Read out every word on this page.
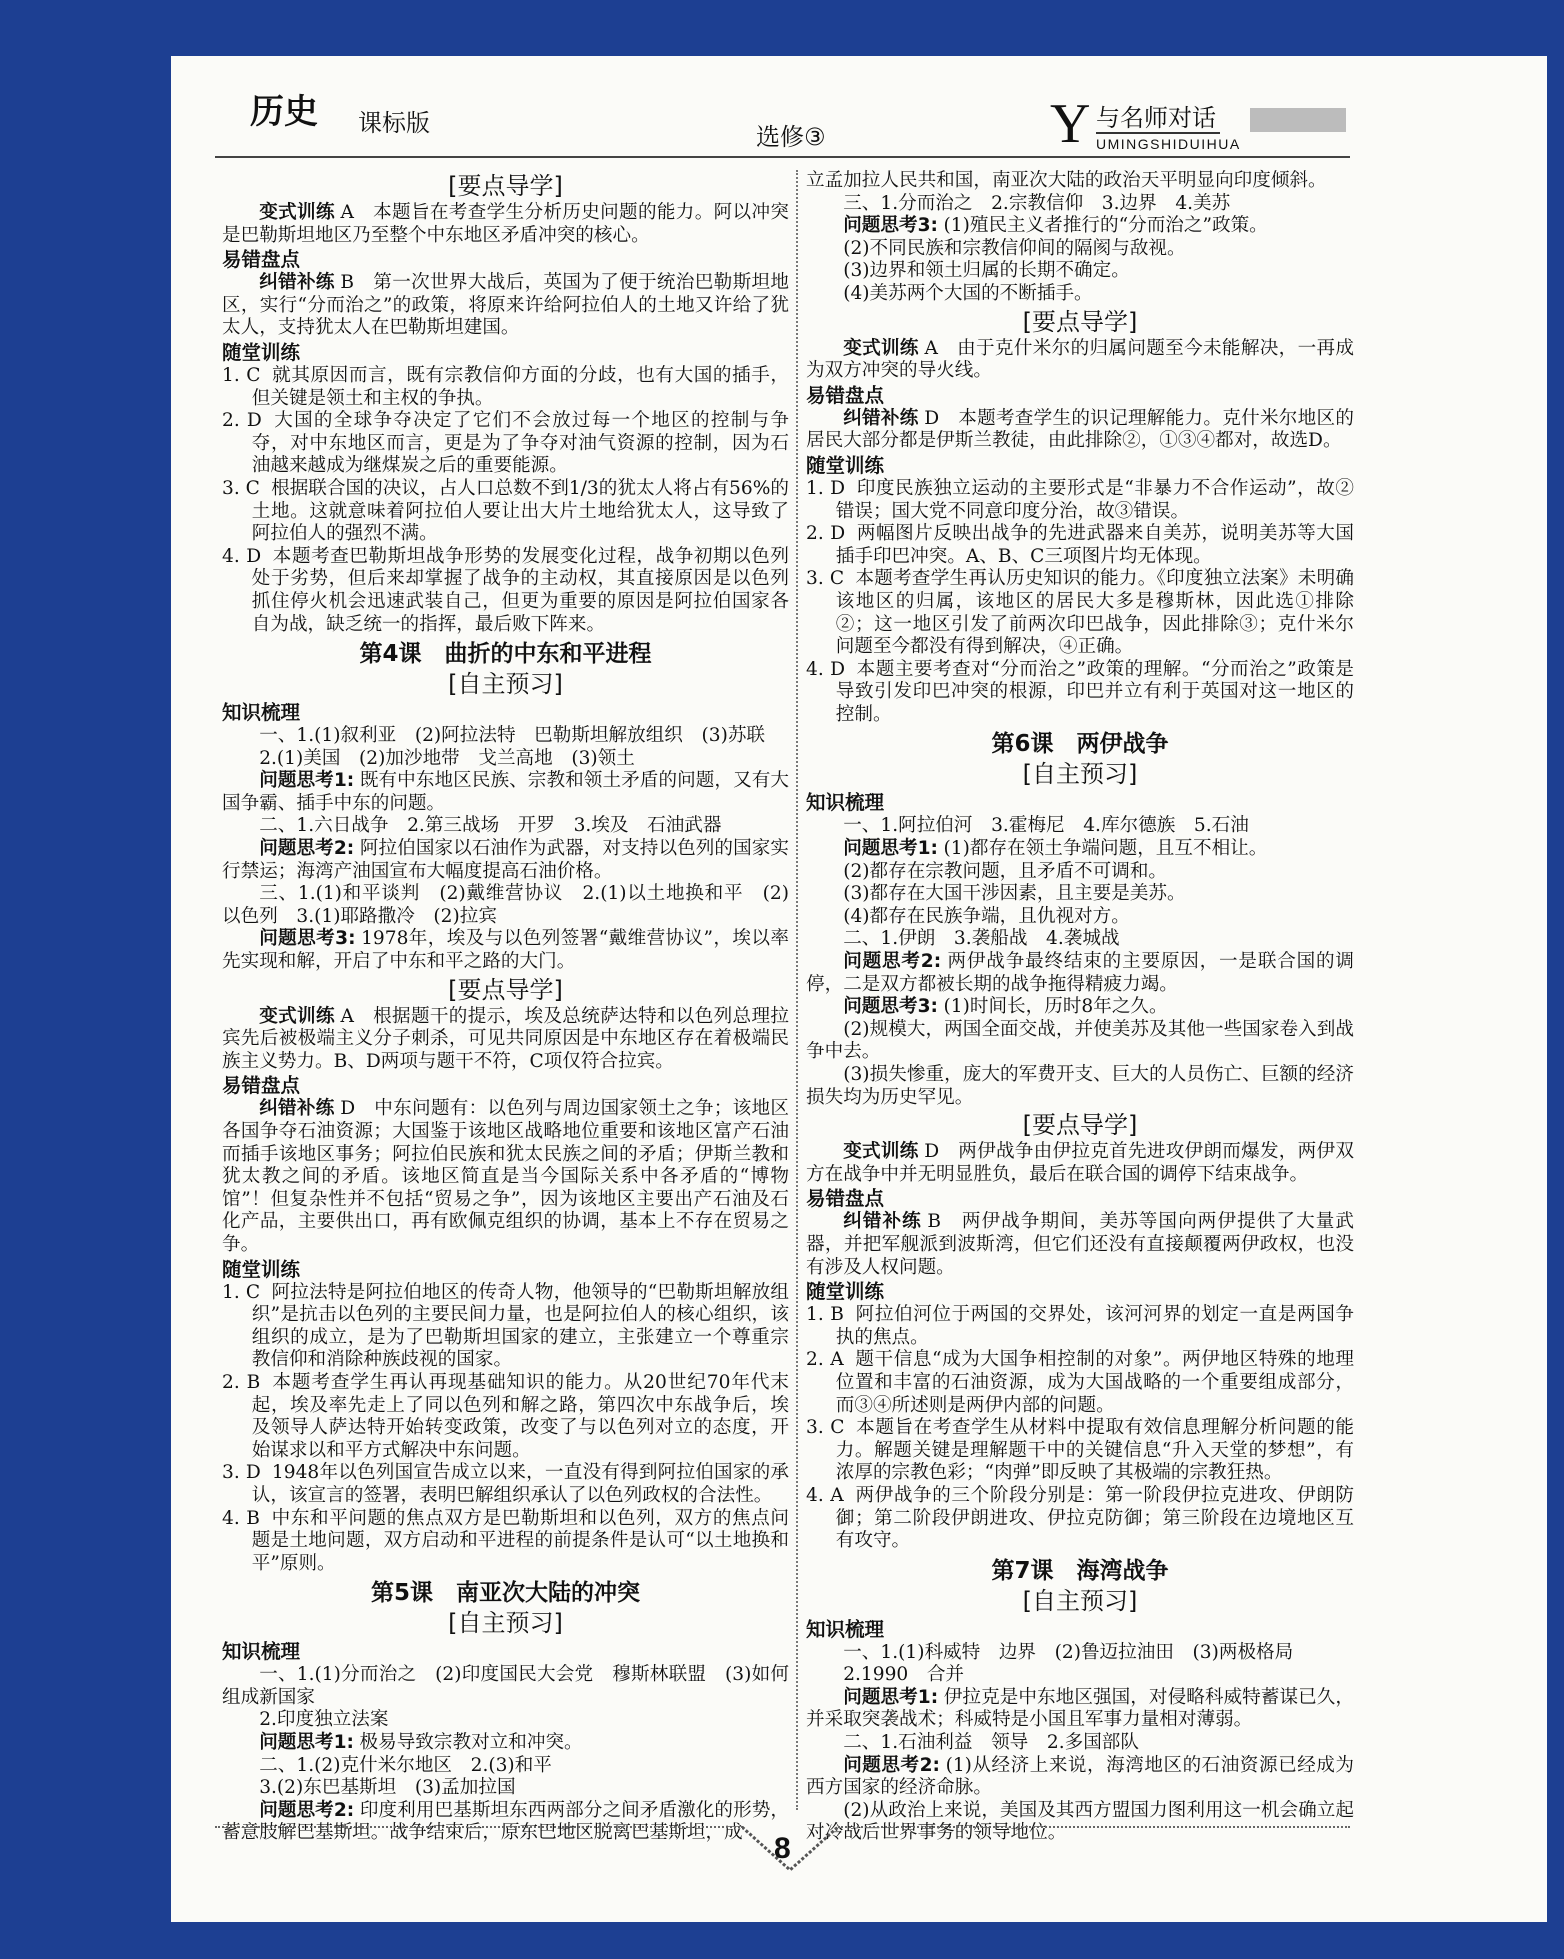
历史 课标版	选修③	Y 与名师对话
UMINGSHIDUIHUA
[要点导学]
变式训练 A　本题旨在考查学生分析历史问题的能力。阿以冲突是巴勒斯坦地区乃至整个中东地区矛盾冲突的核心。
易错盘点
纠错补练 B　第一次世界大战后，英国为了便于统治巴勒斯坦地区，实行“分而治之”的政策，将原来许给阿拉伯人的土地又许给了犹太人，支持犹太人在巴勒斯坦建国。
随堂训练
1. C 就其原因而言，既有宗教信仰方面的分歧，也有大国的插手，但关键是领土和主权的争执。
2. D 大国的全球争夺决定了它们不会放过每一个地区的控制与争夺，对中东地区而言，更是为了争夺对油气资源的控制，因为石油越来越成为继煤炭之后的重要能源。
3. C 根据联合国的决议，占人口总数不到1/3的犹太人将占有56%的土地。这就意味着阿拉伯人要让出大片土地给犹太人，这导致了阿拉伯人的强烈不满。
4. D 本题考查巴勒斯坦战争形势的发展变化过程，战争初期以色列处于劣势，但后来却掌握了战争的主动权，其直接原因是以色列抓住停火机会迅速武装自己，但更为重要的原因是阿拉伯国家各自为战，缺乏统一的指挥，最后败下阵来。
第4课　曲折的中东和平进程
[自主预习]
知识梳理
一、1.(1)叙利亚　(2)阿拉法特　巴勒斯坦解放组织　(3)苏联
2.(1)美国　(2)加沙地带　戈兰高地　(3)领土
问题思考1: 既有中东地区民族、宗教和领土矛盾的问题，又有大国争霸、插手中东的问题。
二、1.六日战争　2.第三战场　开罗　3.埃及　石油武器
问题思考2: 阿拉伯国家以石油作为武器，对支持以色列的国家实行禁运；海湾产油国宣布大幅度提高石油价格。
三、1.(1)和平谈判　(2)戴维营协议　2.(1)以土地换和平　(2)以色列　3.(1)耶路撒冷　(2)拉宾
问题思考3: 1978年，埃及与以色列签署“戴维营协议”，埃以率先实现和解，开启了中东和平之路的大门。
[要点导学]
变式训练 A　根据题干的提示，埃及总统萨达特和以色列总理拉宾先后被极端主义分子刺杀，可见共同原因是中东地区存在着极端民族主义势力。B、D两项与题干不符，C项仅符合拉宾。
易错盘点
纠错补练 D　中东问题有：以色列与周边国家领土之争；该地区各国争夺石油资源；大国鉴于该地区战略地位重要和该地区富产石油而插手该地区事务；阿拉伯民族和犹太民族之间的矛盾；伊斯兰教和犹太教之间的矛盾。该地区简直是当今国际关系中各矛盾的“博物馆”！但复杂性并不包括“贸易之争”，因为该地区主要出产石油及石化产品，主要供出口，再有欧佩克组织的协调，基本上不存在贸易之争。
随堂训练
1. C 阿拉法特是阿拉伯地区的传奇人物，他领导的“巴勒斯坦解放组织”是抗击以色列的主要民间力量，也是阿拉伯人的核心组织，该组织的成立，是为了巴勒斯坦国家的建立，主张建立一个尊重宗教信仰和消除种族歧视的国家。
2. B 本题考查学生再认再现基础知识的能力。从20世纪70年代末起，埃及率先走上了同以色列和解之路，第四次中东战争后，埃及领导人萨达特开始转变政策，改变了与以色列对立的态度，开始谋求以和平方式解决中东问题。
3. D 1948年以色列国宣告成立以来，一直没有得到阿拉伯国家的承认，该宣言的签署，表明巴解组织承认了以色列政权的合法性。
4. B 中东和平问题的焦点双方是巴勒斯坦和以色列，双方的焦点问题是土地问题，双方启动和平进程的前提条件是认可“以土地换和平”原则。
第5课　南亚次大陆的冲突
[自主预习]
知识梳理
一、1.(1)分而治之　(2)印度国民大会党　穆斯林联盟　(3)如何组成新国家
2.印度独立法案
问题思考1: 极易导致宗教对立和冲突。
二、1.(2)克什米尔地区　2.(3)和平
3.(2)东巴基斯坦　(3)孟加拉国
问题思考2: 印度利用巴基斯坦东西两部分之间矛盾激化的形势，蓄意肢解巴基斯坦。战争结束后，原东巴地区脱离巴基斯坦，成
立孟加拉人民共和国，南亚次大陆的政治天平明显向印度倾斜。
三、1.分而治之　2.宗教信仰　3.边界　4.美苏
问题思考3: (1)殖民主义者推行的“分而治之”政策。
(2)不同民族和宗教信仰间的隔阂与敌视。
(3)边界和领土归属的长期不确定。
(4)美苏两个大国的不断插手。
[要点导学]
变式训练 A　由于克什米尔的归属问题至今未能解决，一再成为双方冲突的导火线。
易错盘点
纠错补练 D　本题考查学生的识记理解能力。克什米尔地区的居民大部分都是伊斯兰教徒，由此排除②，①③④都对，故选D。
随堂训练
1. D 印度民族独立运动的主要形式是“非暴力不合作运动”，故②错误；国大党不同意印度分治，故③错误。
2. D 两幅图片反映出战争的先进武器来自美苏，说明美苏等大国插手印巴冲突。A、B、C三项图片均无体现。
3. C 本题考查学生再认历史知识的能力。《印度独立法案》未明确该地区的归属，该地区的居民大多是穆斯林，因此选①排除②；这一地区引发了前两次印巴战争，因此排除③；克什米尔问题至今都没有得到解决，④正确。
4. D 本题主要考查对“分而治之”政策的理解。“分而治之”政策是导致引发印巴冲突的根源，印巴并立有利于英国对这一地区的控制。
第6课　两伊战争
[自主预习]
知识梳理
一、1.阿拉伯河　3.霍梅尼　4.库尔德族　5.石油
问题思考1: (1)都存在领土争端问题，且互不相让。
(2)都存在宗教问题，且矛盾不可调和。
(3)都存在大国干涉因素，且主要是美苏。
(4)都存在民族争端，且仇视对方。
二、1.伊朗　3.袭船战　4.袭城战
问题思考2: 两伊战争最终结束的主要原因，一是联合国的调停，二是双方都被长期的战争拖得精疲力竭。
问题思考3: (1)时间长，历时8年之久。
(2)规模大，两国全面交战，并使美苏及其他一些国家卷入到战争中去。
(3)损失惨重，庞大的军费开支、巨大的人员伤亡、巨额的经济损失均为历史罕见。
[要点导学]
变式训练 D　两伊战争由伊拉克首先进攻伊朗而爆发，两伊双方在战争中并无明显胜负，最后在联合国的调停下结束战争。
易错盘点
纠错补练 B　两伊战争期间，美苏等国向两伊提供了大量武器，并把军舰派到波斯湾，但它们还没有直接颠覆两伊政权，也没有涉及人权问题。
随堂训练
1. B 阿拉伯河位于两国的交界处，该河河界的划定一直是两国争执的焦点。
2. A 题干信息“成为大国争相控制的对象”。两伊地区特殊的地理位置和丰富的石油资源，成为大国战略的一个重要组成部分，而③④所述则是两伊内部的问题。
3. C 本题旨在考查学生从材料中提取有效信息理解分析问题的能力。解题关键是理解题干中的关键信息“升入天堂的梦想”，有浓厚的宗教色彩；“肉弹”即反映了其极端的宗教狂热。
4. A 两伊战争的三个阶段分别是：第一阶段伊拉克进攻、伊朗防御；第二阶段伊朗进攻、伊拉克防御；第三阶段在边境地区互有攻守。
第7课　海湾战争
[自主预习]
知识梳理
一、1.(1)科威特　边界　(2)鲁迈拉油田　(3)两极格局
2.1990　合并
问题思考1: 伊拉克是中东地区强国，对侵略科威特蓄谋已久，并采取突袭战术；科威特是小国且军事力量相对薄弱。
二、1.石油利益　领导　2.多国部队
问题思考2: (1)从经济上来说，海湾地区的石油资源已经成为西方国家的经济命脉。
(2)从政治上来说，美国及其西方盟国力图利用这一机会确立起对冷战后世界事务的领导地位。
8
